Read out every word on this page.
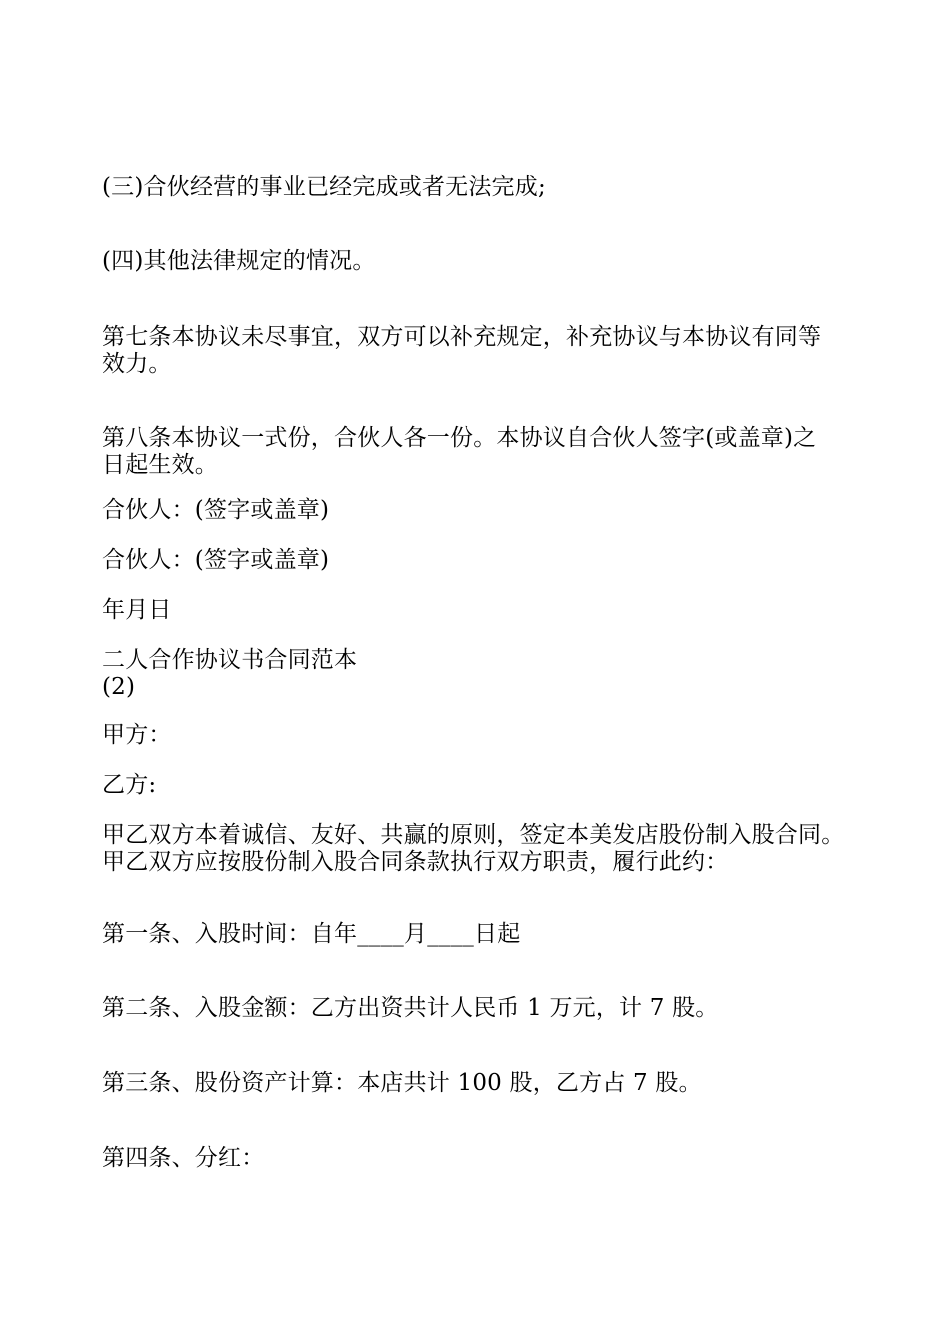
(三)合伙经营的事业已经完成或者无法完成;

(四)其他法律规定的情况。

第七条本协议未尽事宜，双方可以补充规定，补充协议与本协议有同等

效力。

第八条本协议一式份，合伙人各一份。本协议自合伙人签字(或盖章)之

日起生效。

合伙人：(签字或盖章)

合伙人：(签字或盖章)

年月日

二人合作协议书合同范本

(2)

甲方：

乙方:

甲乙双方本着诚信、友好、共赢的原则，签定本美发店股份制入股合同。

甲乙双方应按股份制入股合同条款执行双方职责，履行此约：

第一条、入股时间：自年____月____日起

第二条、入股金额：乙方出资共计人民币 1 万元，计 7 股。

第三条、股份资产计算：本店共计 100 股，乙方占 7 股。

第四条、分红：
